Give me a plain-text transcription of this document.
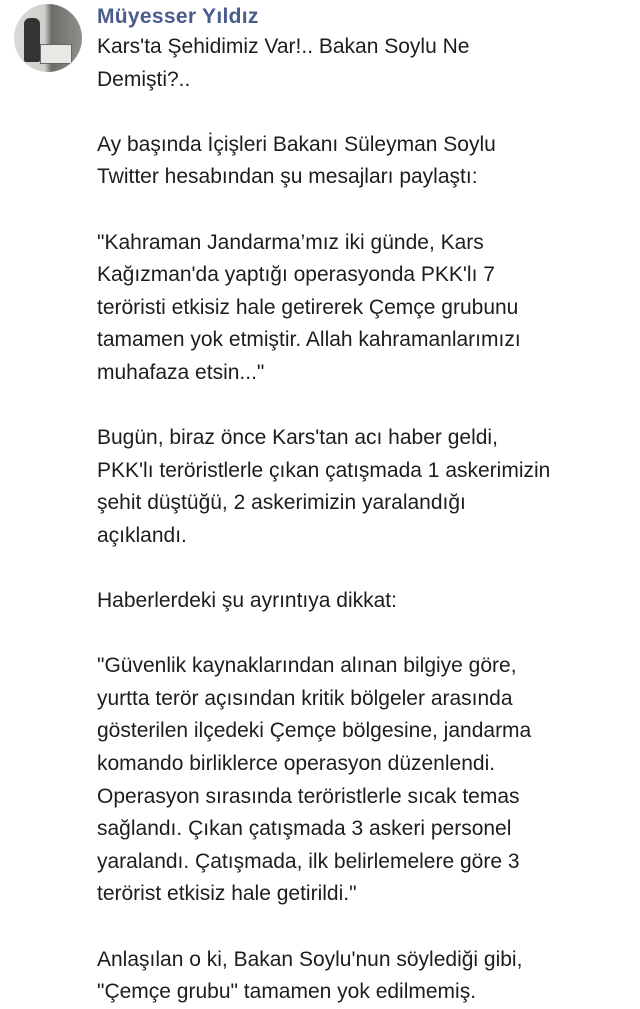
Müyesser Yıldız
Kars'ta Şehidimiz Var!.. Bakan Soylu Ne
Demişti?..
Ay başında İçişleri Bakanı Süleyman Soylu
Twitter hesabından şu mesajları paylaştı:
"Kahraman Jandarma’mız iki günde, Kars
Kağızman'da yaptığı operasyonda PKK'lı 7
teröristi etkisiz hale getirerek Çemçe grubunu
tamamen yok etmiştir. Allah kahramanlarımızı
muhafaza etsin..."
Bugün, biraz önce Kars'tan acı haber geldi,
PKK'lı teröristlerle çıkan çatışmada 1 askerimizin
şehit düştüğü, 2 askerimizin yaralandığı
açıklandı.
Haberlerdeki şu ayrıntıya dikkat:
"Güvenlik kaynaklarından alınan bilgiye göre,
yurtta terör açısından kritik bölgeler arasında
gösterilen ilçedeki Çemçe bölgesine, jandarma
komando birliklerce operasyon düzenlendi.
Operasyon sırasında teröristlerle sıcak temas
sağlandı. Çıkan çatışmada 3 askeri personel
yaralandı. Çatışmada, ilk belirlemelere göre 3
terörist etkisiz hale getirildi."
Anlaşılan o ki, Bakan Soylu'nun söylediği gibi,
"Çemçe grubu" tamamen yok edilmemiş.
